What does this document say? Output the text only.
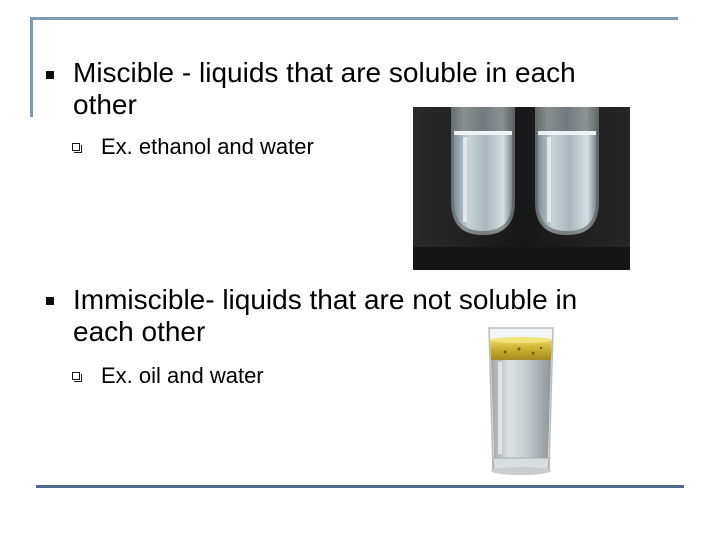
Miscible - liquids that are soluble in each
other
Ex. ethanol and water
Immiscible- liquids that are not soluble in
each other
Ex. oil and water
